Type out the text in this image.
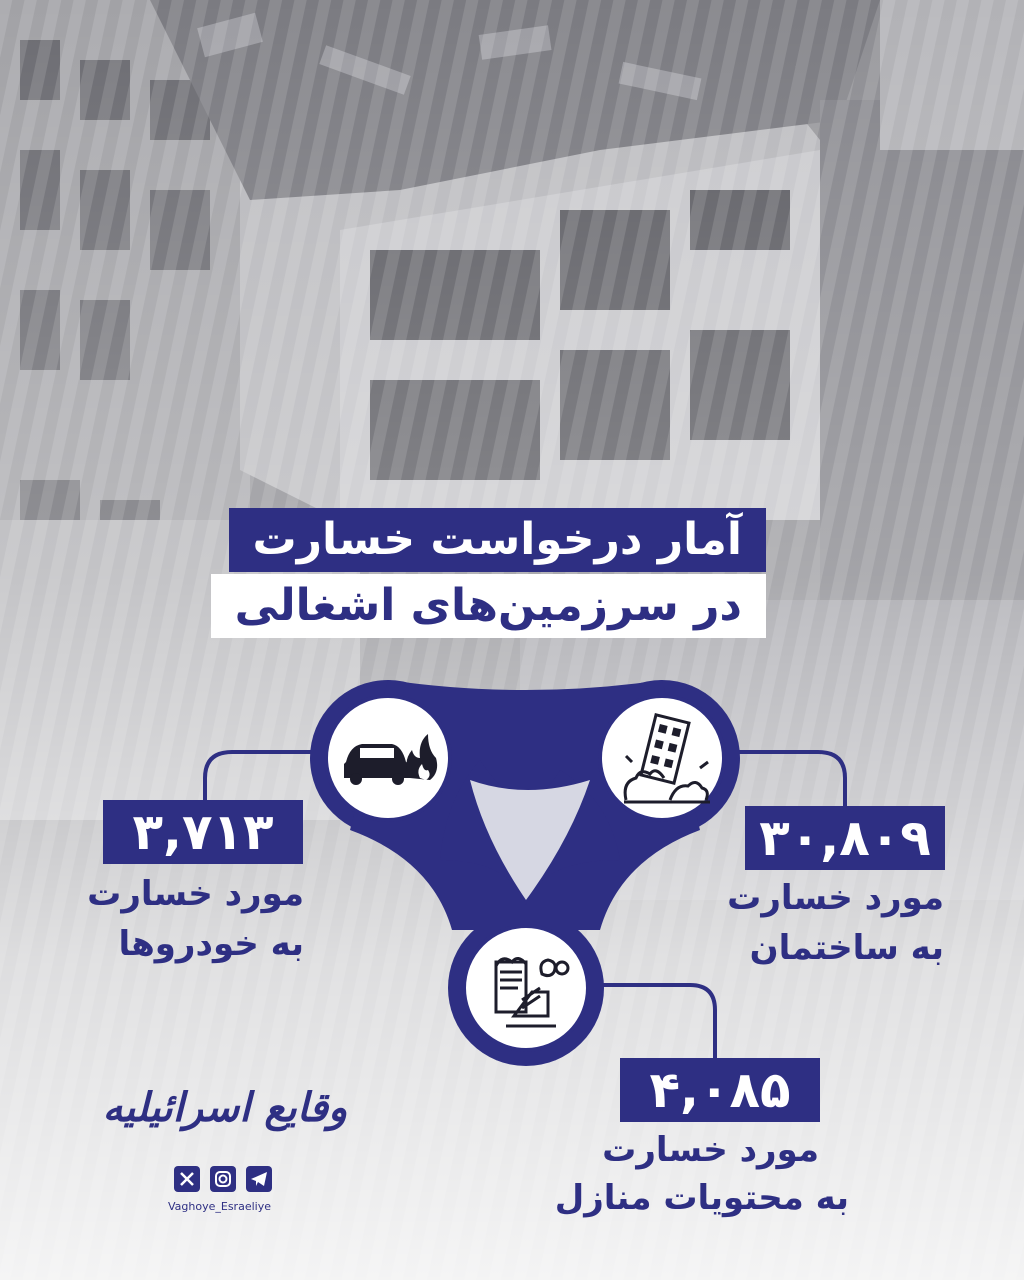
آمار درخواست خسارت
در سرزمین‌های اشغالی
۳,۷۱۳
مورد خسارت
به خودروها
۳۰,۸۰۹
مورد خسارت
به ساختمان
۴,۰۸۵
مورد خسارت
به محتویات منازل
وقایع اسرائیلیه
Vaghoye_Esraeliye
